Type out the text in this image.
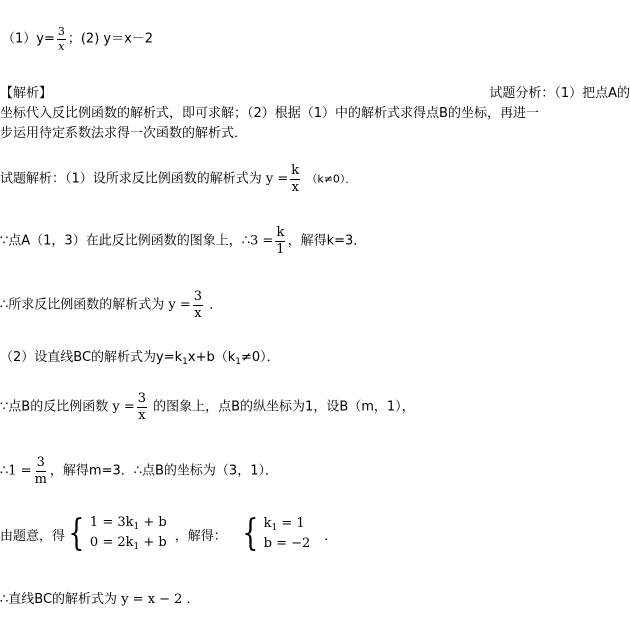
$(1)y= \frac{3}{x}$ ；(2) y＝x－2
【解析】	试题分析：（1）把点A的
坐标代入反比例函数的解析式，即可求解；（2）根据（1）中的解析式求得点B的坐标，再进一
步运用待定系数法求得一次函数的解析式．
试题解析：（1）设所求反比例函数的解析式为 $y = \frac{k}{x} (k\ne 0)$．
∵点A（1，3）在此反比例函数的图象上，∴3 = $\frac{k}{1}$ ，解得k=3．
∴所求反比例函数的解析式为 $y = \frac{3}{x}$ ．
（2）设直线BC的解析式为$y=k_1x+b(k_1\ne 0)$．
∵点B的反比例函数 $y = \frac{3}{x}$ 的图象上，点B的纵坐标为1，设B（m，1），
∴1 = $\frac{3}{m}$ ，解得m=3．∴点B的坐标为（3，1）．
由题意，得 { $1 = 3k_1 + b$
$0 = 2k_1 + b$ ，解得： { $k_1 = 1$
b = −2 ．
∴直线BC的解析式为 y = x − 2 ．
